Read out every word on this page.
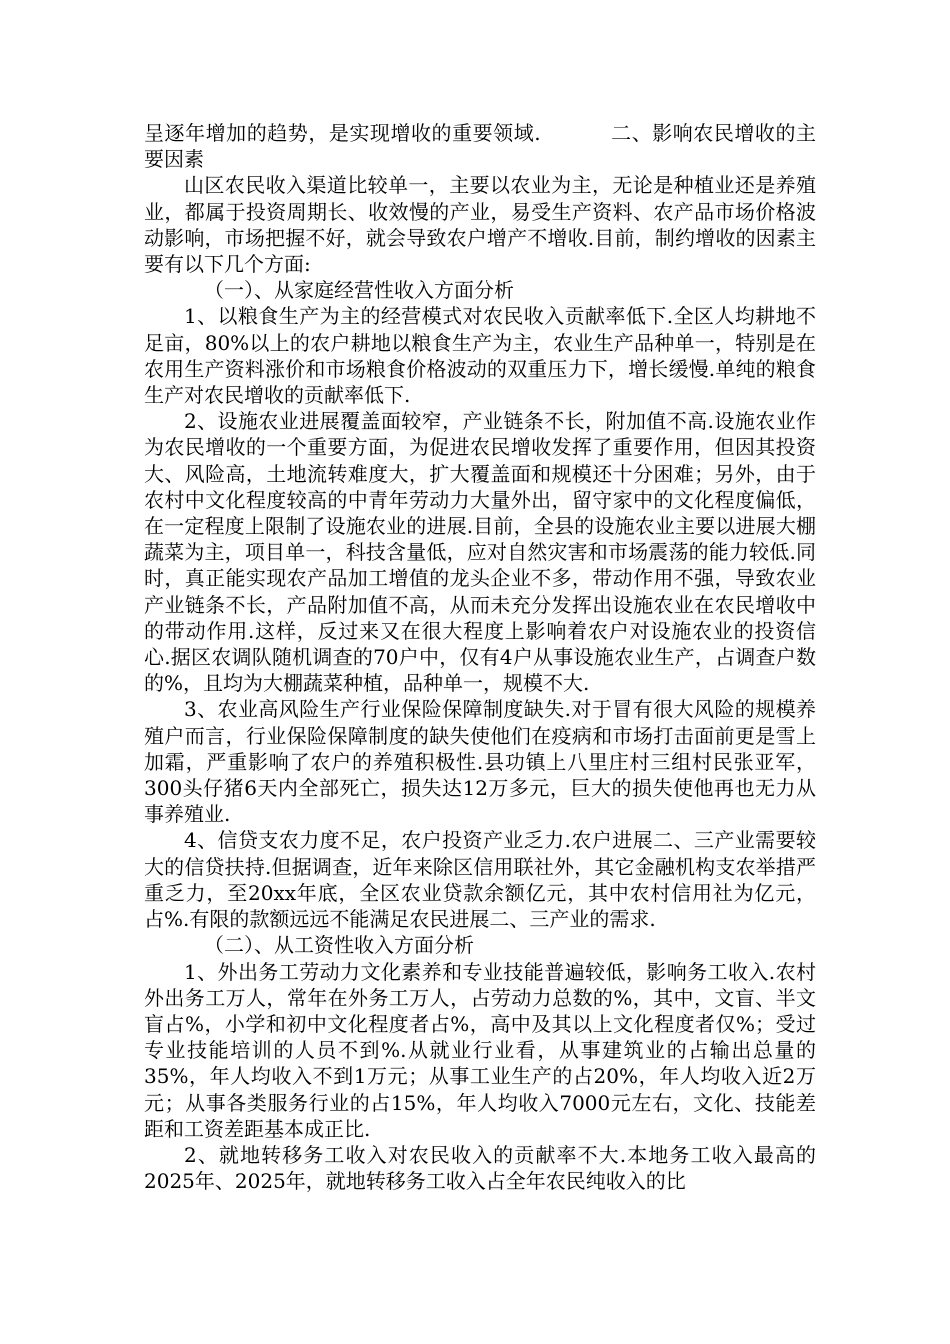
呈逐年增加的趋势，是实现增收的重要领域.	二、影响农民增收的主要因素

山区农民收入渠道比较单一，主要以农业为主，无论是种植业还是养殖业，都属于投资周期长、收效慢的产业，易受生产资料、农产品市场价格波动影响，市场把握不好，就会导致农户增产不增收.目前，制约增收的因素主要有以下几个方面:

（一）、从家庭经营性收入方面分析

1、以粮食生产为主的经营模式对农民收入贡献率低下.全区人均耕地不足亩，80%以上的农户耕地以粮食生产为主，农业生产品种单一，特别是在农用生产资料涨价和市场粮食价格波动的双重压力下，增长缓慢.单纯的粮食生产对农民增收的贡献率低下.

2、设施农业进展覆盖面较窄，产业链条不长，附加值不高.设施农业作为农民增收的一个重要方面，为促进农民增收发挥了重要作用，但因其投资大、风险高，土地流转难度大，扩大覆盖面和规模还十分困难；另外，由于农村中文化程度较高的中青年劳动力大量外出，留守家中的文化程度偏低，在一定程度上限制了设施农业的进展.目前，全县的设施农业主要以进展大棚蔬菜为主，项目单一，科技含量低，应对自然灾害和市场震荡的能力较低.同时，真正能实现农产品加工增值的龙头企业不多，带动作用不强，导致农业产业链条不长，产品附加值不高，从而未充分发挥出设施农业在农民增收中的带动作用.这样，反过来又在很大程度上影响着农户对设施农业的投资信心.据区农调队随机调查的70户中，仅有4户从事设施农业生产，占调查户数的%，且均为大棚蔬菜种植，品种单一，规模不大.

3、农业高风险生产行业保险保障制度缺失.对于冒有很大风险的规模养殖户而言，行业保险保障制度的缺失使他们在疫病和市场打击面前更是雪上加霜，严重影响了农户的养殖积极性.县功镇上八里庄村三组村民张亚军，300头仔猪6天内全部死亡，损失达12万多元，巨大的损失使他再也无力从事养殖业.

4、信贷支农力度不足，农户投资产业乏力.农户进展二、三产业需要较大的信贷扶持.但据调查，近年来除区信用联社外，其它金融机构支农举措严重乏力，至20xx年底，全区农业贷款余额亿元，其中农村信用社为亿元，占%.有限的款额远远不能满足农民进展二、三产业的需求.

（二）、从工资性收入方面分析

1、外出务工劳动力文化素养和专业技能普遍较低，影响务工收入.农村外出务工万人，常年在外务工万人，占劳动力总数的%，其中，文盲、半文盲占%，小学和初中文化程度者占%，高中及其以上文化程度者仅%；受过专业技能培训的人员不到%.从就业行业看，从事建筑业的占输出总量的35%，年人均收入不到1万元；从事工业生产的占20%，年人均收入近2万元；从事各类服务行业的占15%，年人均收入7000元左右，文化、技能差距和工资差距基本成正比.

2、就地转移务工收入对农民收入的贡献率不大.本地务工收入最高的2025年、2025年，就地转移务工收入占全年农民纯收入的比
